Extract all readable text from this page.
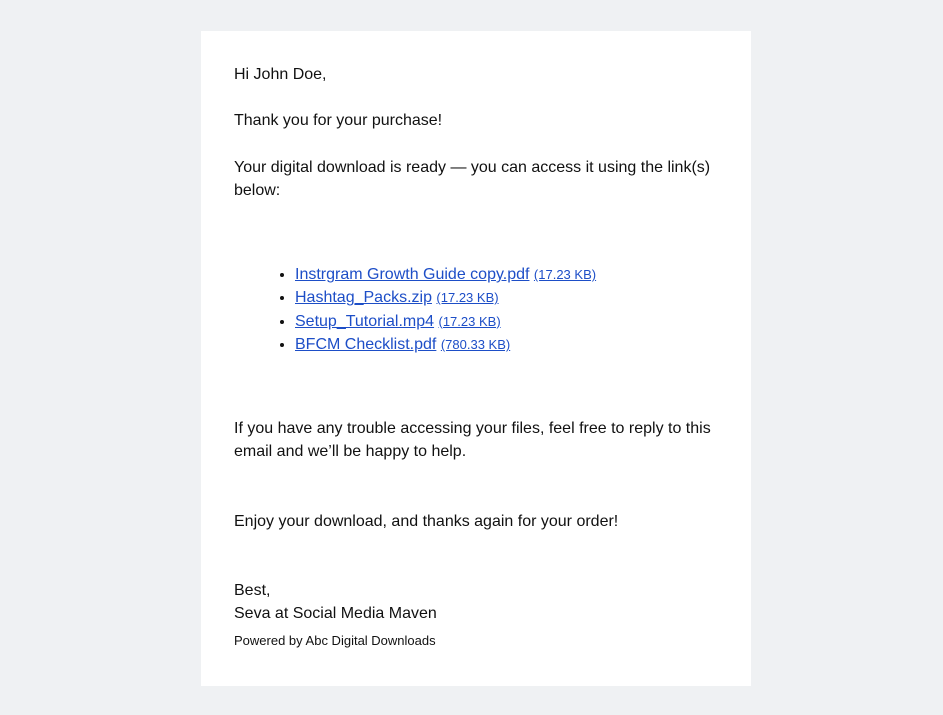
Hi John Doe,

Thank you for your purchase!

Your digital download is ready — you can access it using the link(s) below:

• Instrgram Growth Guide copy.pdf (17.23 KB)
• Hashtag_Packs.zip (17.23 KB)
• Setup_Tutorial.mp4 (17.23 KB)
• BFCM Checklist.pdf (780.33 KB)

If you have any trouble accessing your files, feel free to reply to this email and we’ll be happy to help.

Enjoy your download, and thanks again for your order!

Best,

Seva at Social Media Maven

Powered by Abc Digital Downloads
